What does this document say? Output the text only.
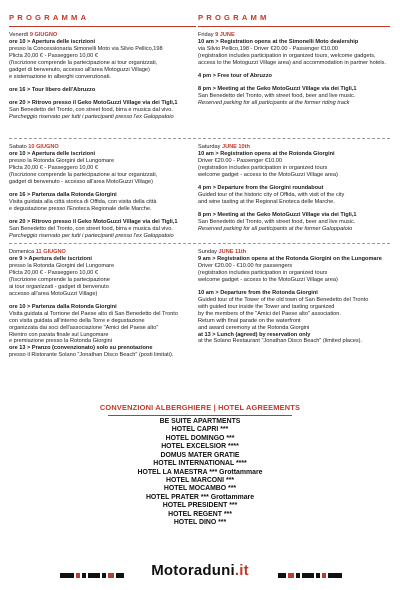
PROGRAMMA
Venerdì 9 GIUGNO

ore 10 > Apertura delle iscrizioni

presso la Concessionaria Simonelli Moto via Silvio Pellico,198

Plicta 20,00 € - Passeggero 10,00 €

(l'iscrizione comprende la partecipazione ai tour organizzati,

gadget di benvenuto, accesso all'area Motoguzzi Village)

e sistemazione in alberghi convenzionati.

ore 16 > Tour libero dell'Abruzzo

ore 20 > Ritrovo presso il Geko MotoGuzzi Village via dei Tigli,1

San Benedetto del Tronto, con street food, birra e musica dal vivo.

Parcheggio riservato per tutti i partecipanti presso l'ex Galoppatoio

Sabato 10 GIUGNO

ore 10 > Apertura delle iscrizioni

presso la Rotonda Giorgini del Lungomare

Plicta 20,00 € - Passeggero 10,00 €

(l'iscrizione comprende la partecipazione ai tour organizzati,

gadget di benvenuto - accesso all'area MotoGuzzi Village)

ore 16 > Partenza dalla Rotonda Giorgini

Visita guidata alla città storica di Offida, con visita della città

e degustazione presso l'Enoteca Regionale delle Marche.

ore 20 > Ritrovo presso il Geko MotoGuzzi Village via dei Tigli,1

San Benedetto del Tronto, con street food, birra e musica dal vivo.

Parcheggio riservato per tutti i partecipanti presso l'ex Galoppatoio

Domenica 11 GIUGNO

ore 9 > Apertura delle iscrizioni

presso la Rotonda Giorgini del Lungomare

Plicta 20,00 € - Passeggero 10,00 €

(l'iscrizione comprende la partecipazione

ai tour organizzati - gadget di benvenuto

accesso all'area MotoGuzzi Village)

ore 10 > Partenza dalla Rotonda Giorgini

Visita guidata al Torrione del Paese alto di San Benedetto del Tronto

con visita guidata all'interno della Torre e degustazione

organizzata dai soci dell'associazione "Amici del Paese alto"

Rientro con parata finale sul Lungomare

e premiazione presso la Rotonda Giorgini

ore 13 > Pranzo (convenzionato) solo su prenotazione

presso il Ristorante Solano "Jonathan Disco Beach" (posti limitati).

PROGRAMM
Friday 9 JUNE

10 am > Registration opens at the Simonelli Moto dealership

via Silvio Pellico,198 - Driver €20.00 - Passenger €10.00

(registration includes participation in organized tours, welcome gadgets,

access to the Motoguzzi Village area) and accommodation in partner hotels.

4 pm > Free tour of Abruzzo

8 pm > Meeting at the Geko MotoGuzzi Village via dei Tigli,1

San Benedetto del Tronto, with street food, beer and live music.

Reserved parking for all participants at the former riding track

Saturday JUNE 10th

10 am > Registration opens at the Rotonda Giorgini

Driver €20.00 - Passenger €10.00

(registration includes participation in organized tours

welcome gadget - access to the MotoGuzzi Village area)

4 pm > Departure from the Giorgini roundabout

Guided tour of the historic city of Offida, with visit of the city

and wine tasting at the Regional Enoteca delle Marche.

8 pm > Meeting at the Geko MotoGuzzi Village via dei Tigli,1

San Benedetto del Tronto, with street food, beer and live music.

Reserved parking for all participants at the former Galoppatoio

Sunday JUNE 11th

9 am > Registration opens at the Rotonda Giorgini on the Lungomare

Driver €20.00 - €10.00 for passengers

(registration includes participation in organized tours

welcome gadget - access to the MotoGuzzi Village area)

10 am > Departure from the Rotonda Giorgini

Guided tour of the Tower of the old town of San Benedetto del Tronto

with guided tour inside the Tower and tasting organized

by the members of the "Amici del Paese alto" association.

Return with final parade on the waterfront

and award ceremony at the Rotonda Giorgini

at 13 > Lunch (agreed) by reservation only

at the Solano Restaurant "Jonathan Disco Beach" (limited places).

CONVENZIONI ALBERGHIERE | HOTEL AGREEMENTS
BE SUITE APARTMENTS
HOTEL CAPRI ***
HOTEL DOMINGO ***
HOTEL EXCELSIOR ****
DOMUS MATER GRATIE
HOTEL INTERNATIONAL ****
HOTEL LA MAESTRA *** Grottammare
HOTEL MARCONI ***
HOTEL MOCAMBO ***
HOTEL PRATER *** Grottammare
HOTEL PRESIDENT ***
HOTEL REGENT ***
HOTEL DINO ***
Motoraduni.it
